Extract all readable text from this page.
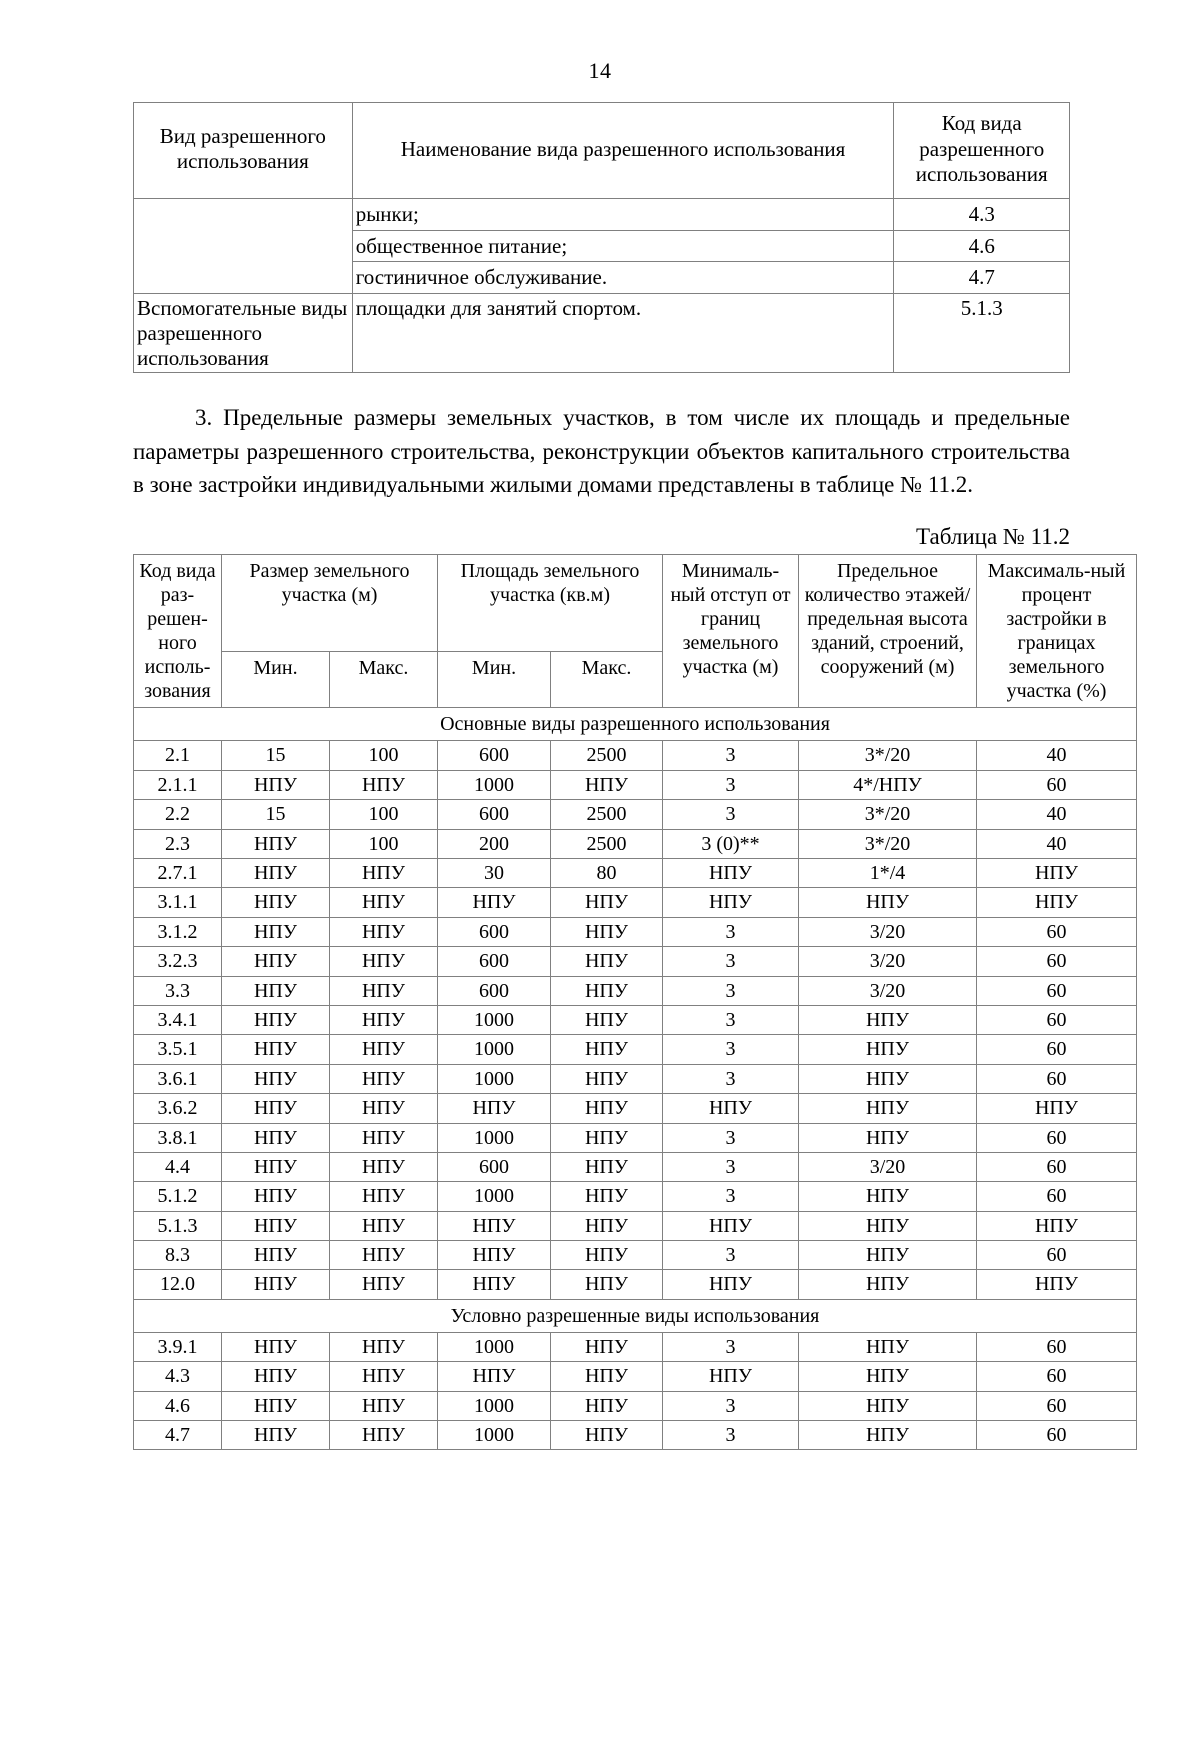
14
Вид разрешенного использования	Наименование вида разрешенного использования	Код вида разрешенного использования
	рынки;	4.3
	общественное питание;	4.6
	гостиничное обслуживание.	4.7
Вспомогательные виды разрешенного использования	площадки для занятий спортом.	5.1.3

3. Предельные размеры земельных участков, в том числе их площадь и предельные параметры разрешенного строительства, реконструкции объектов капитального строительства в зоне застройки индивидуальными жилыми домами представлены в таблице № 11.2.

Таблица № 11.2
Код вида раз-решен-ного исполь-зования	Размер земельного участка (м)		Площадь земельного участка (кв.м)		Минималь-ный отступ от границ земельного участка (м)	Предельное количество этажей/ предельная высота зданий, строений, сооружений (м)	Максималь-ный процент застройки в границах земельного участка (%)
	Мин.	Макс.	Мин.	Макс.			
Основные виды разрешенного использования							
2.1	15	100	600	2500	3	3*/20	40
2.1.1	НПУ	НПУ	1000	НПУ	3	4*/НПУ	60
2.2	15	100	600	2500	3	3*/20	40
2.3	НПУ	100	200	2500	3 (0)**	3*/20	40
2.7.1	НПУ	НПУ	30	80	НПУ	1*/4	НПУ
3.1.1	НПУ	НПУ	НПУ	НПУ	НПУ	НПУ	НПУ
3.1.2	НПУ	НПУ	600	НПУ	3	3/20	60
3.2.3	НПУ	НПУ	600	НПУ	3	3/20	60
3.3	НПУ	НПУ	600	НПУ	3	3/20	60
3.4.1	НПУ	НПУ	1000	НПУ	3	НПУ	60
3.5.1	НПУ	НПУ	1000	НПУ	3	НПУ	60
3.6.1	НПУ	НПУ	1000	НПУ	3	НПУ	60
3.6.2	НПУ	НПУ	НПУ	НПУ	НПУ	НПУ	НПУ
3.8.1	НПУ	НПУ	1000	НПУ	3	НПУ	60
4.4	НПУ	НПУ	600	НПУ	3	3/20	60
5.1.2	НПУ	НПУ	1000	НПУ	3	НПУ	60
5.1.3	НПУ	НПУ	НПУ	НПУ	НПУ	НПУ	НПУ
8.3	НПУ	НПУ	НПУ	НПУ	3	НПУ	60
12.0	НПУ	НПУ	НПУ	НПУ	НПУ	НПУ	НПУ
Условно разрешенные виды использования							
3.9.1	НПУ	НПУ	1000	НПУ	3	НПУ	60
4.3	НПУ	НПУ	НПУ	НПУ	НПУ	НПУ	60
4.6	НПУ	НПУ	1000	НПУ	3	НПУ	60
4.7	НПУ	НПУ	1000	НПУ	3	НПУ	60
